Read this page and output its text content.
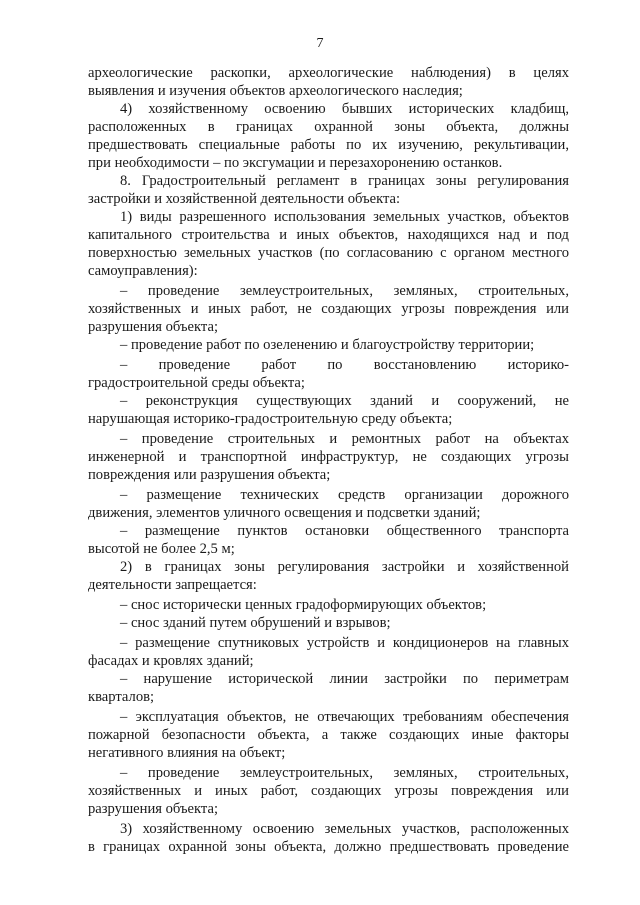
7
археологические раскопки, археологические наблюдения) в целях
выявления и изучения объектов археологического наследия;
4) хозяйственному освоению бывших исторических кладбищ,
расположенных в границах охранной зоны объекта, должны
предшествовать специальные работы по их изучению, рекультивации,
при необходимости – по эксгумации и перезахоронению останков.
8. Градостроительный регламент в границах зоны регулирования
застройки и хозяйственной деятельности объекта:
1) виды разрешенного использования земельных участков, объектов
капитального строительства и иных объектов, находящихся над и под
поверхностью земельных участков (по согласованию с органом местного
самоуправления):
– проведение землеустроительных, земляных, строительных,
хозяйственных и иных работ, не создающих угрозы повреждения или
разрушения объекта;
– проведение работ по озеленению и благоустройству территории;
– проведение работ по восстановлению историко-
градостроительной среды объекта;
– реконструкция существующих зданий и сооружений, не
нарушающая историко-градостроительную среду объекта;
– проведение строительных и ремонтных работ на объектах
инженерной и транспортной инфраструктур, не создающих угрозы
повреждения или разрушения объекта;
– размещение технических средств организации дорожного
движения, элементов уличного освещения и подсветки зданий;
– размещение пунктов остановки общественного транспорта
высотой не более 2,5 м;
2) в границах зоны регулирования застройки и хозяйственной
деятельности запрещается:
– снос исторически ценных градоформирующих объектов;
– снос зданий путем обрушений и взрывов;
– размещение спутниковых устройств и кондиционеров на главных
фасадах и кровлях зданий;
– нарушение исторической линии застройки по периметрам
кварталов;
– эксплуатация объектов, не отвечающих требованиям обеспечения
пожарной безопасности объекта, а также создающих иные факторы
негативного влияния на объект;
– проведение землеустроительных, земляных, строительных,
хозяйственных и иных работ, создающих угрозы повреждения или
разрушения объекта;
3) хозяйственному освоению земельных участков, расположенных
в границах охранной зоны объекта, должно предшествовать проведение
